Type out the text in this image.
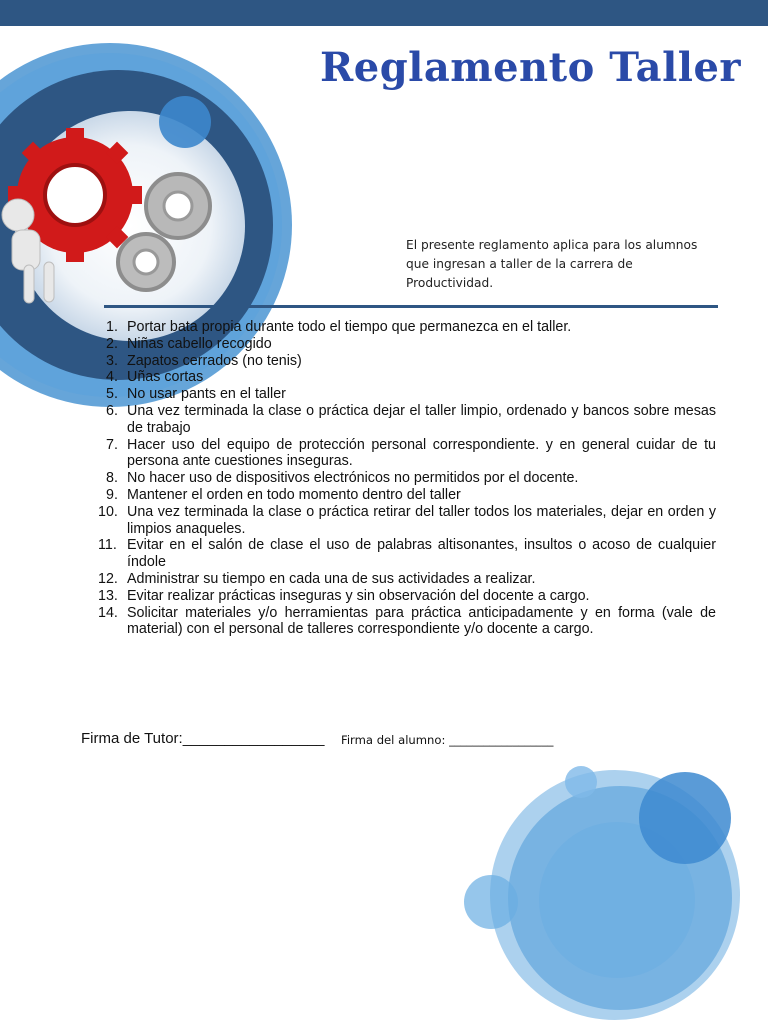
Reglamento Taller
El presente reglamento aplica para los alumnos
que ingresan a taller de la carrera de
Productividad.
1. Portar bata propia durante todo el tiempo que permanezca en el taller.
2. Niñas cabello recogido
3. Zapatos cerrados (no tenis)
4. Uñas cortas
5. No usar pants en el taller
6. Una vez terminada la clase o práctica dejar el taller limpio, ordenado y bancos sobre mesas de trabajo
7. Hacer uso del equipo de protección personal correspondiente. y en general cuidar de tu persona ante cuestiones inseguras.
8. No hacer uso de dispositivos electrónicos no permitidos por el docente.
9. Mantener el orden en todo momento dentro del taller
10. Una vez terminada la clase o práctica retirar del taller todos los materiales, dejar en orden y limpios anaqueles.
11. Evitar en el salón de clase el uso de palabras altisonantes, insultos o acoso de cualquier índole
12. Administrar su tiempo en cada una de sus actividades a realizar.
13. Evitar realizar prácticas inseguras y sin observación del docente a cargo.
14. Solicitar materiales y/o herramientas para práctica anticipadamente y en forma (vale de material) con el personal de talleres correspondiente y/o docente a cargo.
Firma de Tutor:_________________ Firma del alumno: __________________
